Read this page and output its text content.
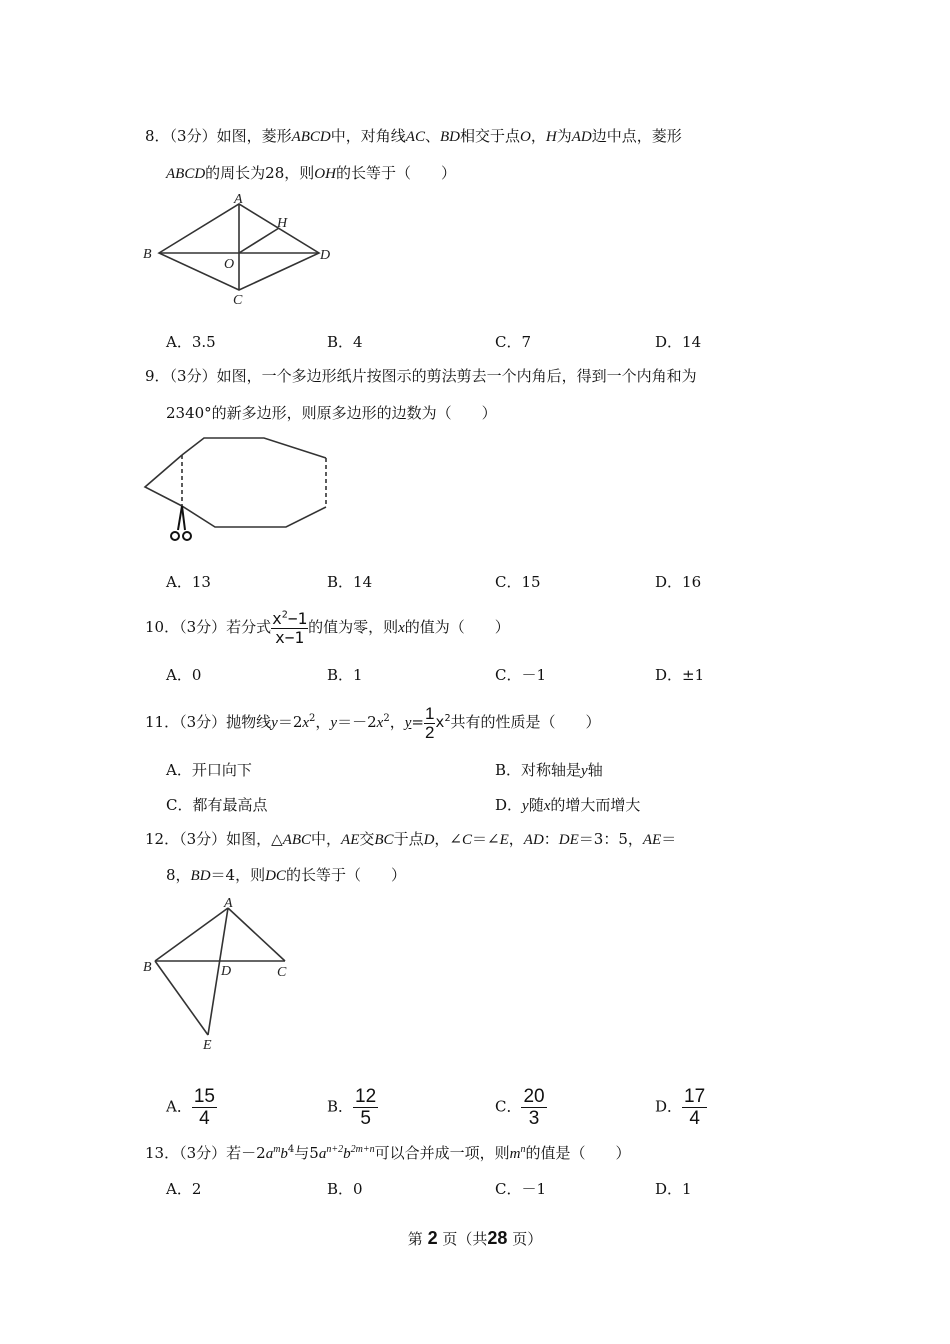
8．（3分）如图，菱形ABCD中，对角线AC、BD相交于点O，H为AD边中点，菱形
ABCD的周长为28，则OH的长等于（　　）
A
B
C
D
O
H
A．3.5	B．4	C．7	D．14
9．（3分）如图，一个多边形纸片按图示的剪法剪去一个内角后，得到一个内角和为
2340°的新多边形，则原多边形的边数为（　　）
A．13	B．14	C．15	D．16
10．（3分）若分式 $\frac{x^2-1}{x-1}$ 的值为零，则x的值为（　　）
A．0	B．1	C．－1	D．±1
11．（3分）抛物线$y=2x^2$，$y=-2x^2$，$y= \frac{1}{2} x^2$共有的性质是（　　）
A．开口向下	B．对称轴是y轴
C．都有最高点	D．y随x的增大而增大
12．（3分）如图，△ABC中，AE交BC于点D，∠C＝∠E，AD：DE＝3：5，AE＝
8，BD＝4，则DC的长等于（　　）
A
B	C
D
E
A． $\frac{15}{4}$	B． $\frac{12}{5}$	C． $\frac{20}{3}$	D． $\frac{17}{4}$
13．（3分）若$-2a^mb^4$与$5a^{n+2}b^{2m+n}$可以合并成一项，则$m^n$的值是（　　）
A．2	B．0	C．－1	D．1
第 2 页（共28 页）
